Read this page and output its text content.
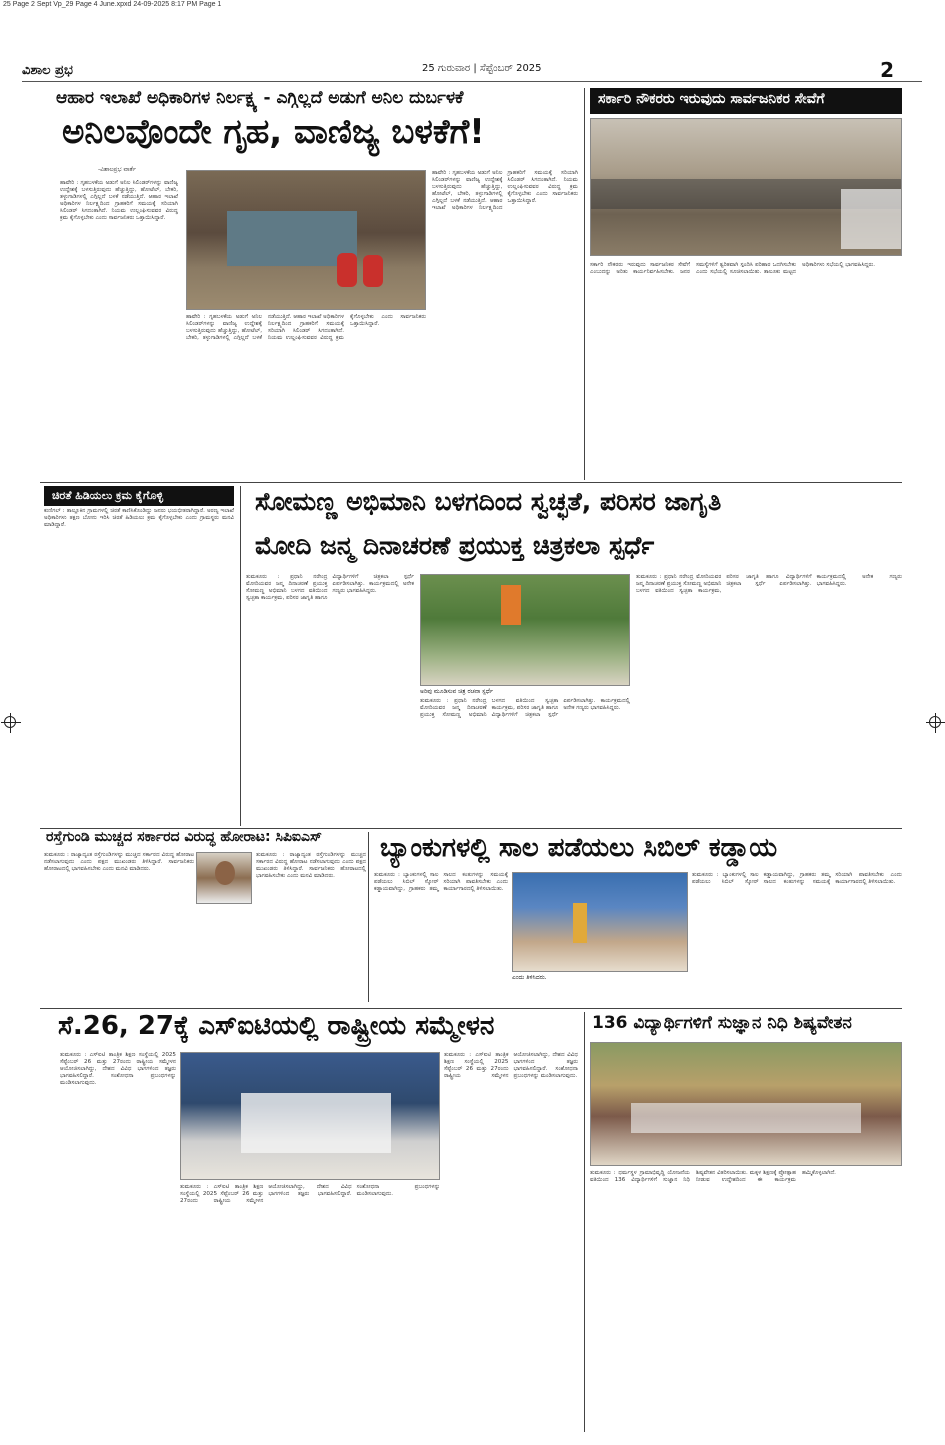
25 Page 2 Sept Vp_29 Page 4 June.xpxd 24-09-2025 8:17 PM Page 1
ವಿಶಾಲ ಪ್ರಭ	25 ಗುರುವಾರ | ಸೆಪ್ಟೆಂಬರ್ 2025	2
ಆಹಾರ ಇಲಾಖೆ ಅಧಿಕಾರಿಗಳ ನಿರ್ಲಕ್ಷ್ಯ - ಎಗ್ಗಿಲ್ಲದೆ ಅಡುಗೆ ಅನಿಲ ದುರ್ಬಳಕೆ
ಅನಿಲವೊಂದೇ ಗೃಹ, ವಾಣಿಜ್ಯ ಬಳಕೆಗೆ!
-ವಿಶಾಲಪ್ರಭ ವಾರ್ತೆ
ಹಾವೇರಿ : ಗೃಹಬಳಕೆಯ ಅಡುಗೆ ಅನಿಲ ಸಿಲಿಂಡರ್‌ಗಳನ್ನು ವಾಣಿಜ್ಯ ಉದ್ದೇಶಕ್ಕೆ ಬಳಸುತ್ತಿರುವುದು ಹೆಚ್ಚುತ್ತಿದ್ದು, ಹೋಟೆಲ್, ಬೇಕರಿ, ತಳ್ಳುಗಾಡಿಗಳಲ್ಲಿ ಎಗ್ಗಿಲ್ಲದೆ ಬಳಕೆ ನಡೆಯುತ್ತಿದೆ. ಆಹಾರ ಇಲಾಖೆ ಅಧಿಕಾರಿಗಳ ನಿರ್ಲಕ್ಷ್ಯದಿಂದ ಗ್ರಾಹಕರಿಗೆ ಸಮಯಕ್ಕೆ ಸರಿಯಾಗಿ ಸಿಲಿಂಡರ್ ಸಿಗದಂತಾಗಿದೆ. ನಿಯಮ ಉಲ್ಲಂಘಿಸುವವರ ವಿರುದ್ಧ ಕ್ರಮ ಕೈಗೊಳ್ಳಬೇಕು ಎಂದು ಸಾರ್ವಜನಿಕರು ಒತ್ತಾಯಿಸಿದ್ದಾರೆ.
ಹಾವೇರಿ : ಗೃಹಬಳಕೆಯ ಅಡುಗೆ ಅನಿಲ ಸಿಲಿಂಡರ್‌ಗಳನ್ನು ವಾಣಿಜ್ಯ ಉದ್ದೇಶಕ್ಕೆ ಬಳಸುತ್ತಿರುವುದು ಹೆಚ್ಚುತ್ತಿದ್ದು, ಹೋಟೆಲ್, ಬೇಕರಿ, ತಳ್ಳುಗಾಡಿಗಳಲ್ಲಿ ಎಗ್ಗಿಲ್ಲದೆ ಬಳಕೆ ನಡೆಯುತ್ತಿದೆ. ಆಹಾರ ಇಲಾಖೆ ಅಧಿಕಾರಿಗಳ ನಿರ್ಲಕ್ಷ್ಯದಿಂದ ಗ್ರಾಹಕರಿಗೆ ಸಮಯಕ್ಕೆ ಸರಿಯಾಗಿ ಸಿಲಿಂಡರ್ ಸಿಗದಂತಾಗಿದೆ. ನಿಯಮ ಉಲ್ಲಂಘಿಸುವವರ ವಿರುದ್ಧ ಕ್ರಮ ಕೈಗೊಳ್ಳಬೇಕು ಎಂದು ಸಾರ್ವಜನಿಕರು ಒತ್ತಾಯಿಸಿದ್ದಾರೆ.
ಹಾವೇರಿ : ಗೃಹಬಳಕೆಯ ಅಡುಗೆ ಅನಿಲ ಸಿಲಿಂಡರ್‌ಗಳನ್ನು ವಾಣಿಜ್ಯ ಉದ್ದೇಶಕ್ಕೆ ಬಳಸುತ್ತಿರುವುದು ಹೆಚ್ಚುತ್ತಿದ್ದು, ಹೋಟೆಲ್, ಬೇಕರಿ, ತಳ್ಳುಗಾಡಿಗಳಲ್ಲಿ ಎಗ್ಗಿಲ್ಲದೆ ಬಳಕೆ ನಡೆಯುತ್ತಿದೆ. ಆಹಾರ ಇಲಾಖೆ ಅಧಿಕಾರಿಗಳ ನಿರ್ಲಕ್ಷ್ಯದಿಂದ ಗ್ರಾಹಕರಿಗೆ ಸಮಯಕ್ಕೆ ಸರಿಯಾಗಿ ಸಿಲಿಂಡರ್ ಸಿಗದಂತಾಗಿದೆ. ನಿಯಮ ಉಲ್ಲಂಘಿಸುವವರ ವಿರುದ್ಧ ಕ್ರಮ ಕೈಗೊಳ್ಳಬೇಕು ಎಂದು ಸಾರ್ವಜನಿಕರು ಒತ್ತಾಯಿಸಿದ್ದಾರೆ.
ಸರ್ಕಾರಿ ನೌಕರರು ಇರುವುದು ಸಾರ್ವಜನಿಕರ ಸೇವೆಗೆ
ಸರ್ಕಾರಿ ನೌಕರರು ಇರುವುದು ಸಾರ್ವಜನಿಕರ ಸೇವೆಗೆ ಎಂಬುದನ್ನು ಅರಿತು ಕಾರ್ಯನಿರ್ವಹಿಸಬೇಕು. ಜನರ ಸಮಸ್ಯೆಗಳಿಗೆ ತ್ವರಿತವಾಗಿ ಸ್ಪಂದಿಸಿ ಪರಿಹಾರ ಒದಗಿಸಬೇಕು ಎಂದು ಸಭೆಯಲ್ಲಿ ಸೂಚಿಸಲಾಯಿತು. ತಾಲೂಕು ಮಟ್ಟದ ಅಧಿಕಾರಿಗಳು ಸಭೆಯಲ್ಲಿ ಭಾಗವಹಿಸಿದ್ದರು.
ಚಿರತೆ ಹಿಡಿಯಲು ಕ್ರಮ ಕೈಗೊಳ್ಳಿ
ಕುಣಿಗಲ್ : ತಾಲ್ಲೂಕಿನ ಗ್ರಾಮಗಳಲ್ಲಿ ಚಿರತೆ ಕಾಣಿಸಿಕೊಂಡಿದ್ದು ಜನರು ಭಯಭೀತರಾಗಿದ್ದಾರೆ. ಅರಣ್ಯ ಇಲಾಖೆ ಅಧಿಕಾರಿಗಳು ತಕ್ಷಣ ಬೋನು ಇರಿಸಿ ಚಿರತೆ ಹಿಡಿಯಲು ಕ್ರಮ ಕೈಗೊಳ್ಳಬೇಕು ಎಂದು ಗ್ರಾಮಸ್ಥರು ಮನವಿ ಮಾಡಿದ್ದಾರೆ.
ಸೋಮಣ್ಣ ಅಭಿಮಾನಿ ಬಳಗದಿಂದ ಸ್ವಚ್ಛತೆ, ಪರಿಸರ ಜಾಗೃತಿ
ಮೋದಿ ಜನ್ಮ ದಿನಾಚರಣೆ ಪ್ರಯುಕ್ತ ಚಿತ್ರಕಲಾ ಸ್ಪರ್ಧೆ
ತುಮಕೂರು : ಪ್ರಧಾನಿ ನರೇಂದ್ರ ಮೋದಿಯವರ ಜನ್ಮ ದಿನಾಚರಣೆ ಪ್ರಯುಕ್ತ ಸೋಮಣ್ಣ ಅಭಿಮಾನಿ ಬಳಗದ ವತಿಯಿಂದ ಸ್ವಚ್ಛತಾ ಕಾರ್ಯಕ್ರಮ, ಪರಿಸರ ಜಾಗೃತಿ ಹಾಗೂ ವಿದ್ಯಾರ್ಥಿಗಳಿಗೆ ಚಿತ್ರಕಲಾ ಸ್ಪರ್ಧೆ ಏರ್ಪಡಿಸಲಾಗಿತ್ತು. ಕಾರ್ಯಕ್ರಮದಲ್ಲಿ ಅನೇಕ ಗಣ್ಯರು ಭಾಗವಹಿಸಿದ್ದರು.
ಅರಿವು ಮೂಡಿಸುವ ಚಿತ್ರ ರಚನಾ ಸ್ಪರ್ಧೆ
ತುಮಕೂರು : ಪ್ರಧಾನಿ ನರೇಂದ್ರ ಮೋದಿಯವರ ಜನ್ಮ ದಿನಾಚರಣೆ ಪ್ರಯುಕ್ತ ಸೋಮಣ್ಣ ಅಭಿಮಾನಿ ಬಳಗದ ವತಿಯಿಂದ ಸ್ವಚ್ಛತಾ ಕಾರ್ಯಕ್ರಮ, ಪರಿಸರ ಜಾಗೃತಿ ಹಾಗೂ ವಿದ್ಯಾರ್ಥಿಗಳಿಗೆ ಚಿತ್ರಕಲಾ ಸ್ಪರ್ಧೆ ಏರ್ಪಡಿಸಲಾಗಿತ್ತು. ಕಾರ್ಯಕ್ರಮದಲ್ಲಿ ಅನೇಕ ಗಣ್ಯರು ಭಾಗವಹಿಸಿದ್ದರು.
ತುಮಕೂರು : ಪ್ರಧಾನಿ ನರೇಂದ್ರ ಮೋದಿಯವರ ಜನ್ಮ ದಿನಾಚರಣೆ ಪ್ರಯುಕ್ತ ಸೋಮಣ್ಣ ಅಭಿಮಾನಿ ಬಳಗದ ವತಿಯಿಂದ ಸ್ವಚ್ಛತಾ ಕಾರ್ಯಕ್ರಮ, ಪರಿಸರ ಜಾಗೃತಿ ಹಾಗೂ ವಿದ್ಯಾರ್ಥಿಗಳಿಗೆ ಚಿತ್ರಕಲಾ ಸ್ಪರ್ಧೆ ಏರ್ಪಡಿಸಲಾಗಿತ್ತು. ಕಾರ್ಯಕ್ರಮದಲ್ಲಿ ಅನೇಕ ಗಣ್ಯರು ಭಾಗವಹಿಸಿದ್ದರು.
ರಸ್ತೆಗುಂಡಿ ಮುಚ್ಚದ ಸರ್ಕಾರದ ವಿರುದ್ಧ ಹೋರಾಟ: ಸಿಪಿಐಎಸ್
ತುಮಕೂರು : ರಾಜ್ಯಾದ್ಯಂತ ರಸ್ತೆಗುಂಡಿಗಳನ್ನು ಮುಚ್ಚದ ಸರ್ಕಾರದ ವಿರುದ್ಧ ಹೋರಾಟ ನಡೆಸಲಾಗುವುದು ಎಂದು ಪಕ್ಷದ ಮುಖಂಡರು ತಿಳಿಸಿದ್ದಾರೆ. ಸಾರ್ವಜನಿಕರು ಹೋರಾಟದಲ್ಲಿ ಭಾಗವಹಿಸಬೇಕು ಎಂದು ಮನವಿ ಮಾಡಿದರು.
ತುಮಕೂರು : ರಾಜ್ಯಾದ್ಯಂತ ರಸ್ತೆಗುಂಡಿಗಳನ್ನು ಮುಚ್ಚದ ಸರ್ಕಾರದ ವಿರುದ್ಧ ಹೋರಾಟ ನಡೆಸಲಾಗುವುದು ಎಂದು ಪಕ್ಷದ ಮುಖಂಡರು ತಿಳಿಸಿದ್ದಾರೆ. ಸಾರ್ವಜನಿಕರು ಹೋರಾಟದಲ್ಲಿ ಭಾಗವಹಿಸಬೇಕು ಎಂದು ಮನವಿ ಮಾಡಿದರು.
ಬ್ಯಾಂಕುಗಳಲ್ಲಿ ಸಾಲ ಪಡೆಯಲು ಸಿಬಿಲ್ ಕಡ್ಡಾಯ
ತುಮಕೂರು : ಬ್ಯಾಂಕುಗಳಲ್ಲಿ ಸಾಲ ಪಡೆಯಲು ಸಿಬಿಲ್ ಸ್ಕೋರ್ ಕಡ್ಡಾಯವಾಗಿದ್ದು, ಗ್ರಾಹಕರು ತಮ್ಮ ಸಾಲದ ಕಂತುಗಳನ್ನು ಸಮಯಕ್ಕೆ ಸರಿಯಾಗಿ ಪಾವತಿಸಬೇಕು ಎಂದು ಕಾರ್ಯಾಗಾರದಲ್ಲಿ ತಿಳಿಸಲಾಯಿತು.
ಎಂದು ತಿಳಿಸಿದರು.
ತುಮಕೂರು : ಬ್ಯಾಂಕುಗಳಲ್ಲಿ ಸಾಲ ಪಡೆಯಲು ಸಿಬಿಲ್ ಸ್ಕೋರ್ ಕಡ್ಡಾಯವಾಗಿದ್ದು, ಗ್ರಾಹಕರು ತಮ್ಮ ಸಾಲದ ಕಂತುಗಳನ್ನು ಸಮಯಕ್ಕೆ ಸರಿಯಾಗಿ ಪಾವತಿಸಬೇಕು ಎಂದು ಕಾರ್ಯಾಗಾರದಲ್ಲಿ ತಿಳಿಸಲಾಯಿತು.
ಸೆ.26, 27ಕ್ಕೆ ಎಸ್‌ಐಟಿಯಲ್ಲಿ ರಾಷ್ಟ್ರೀಯ ಸಮ್ಮೇಳನ
ತುಮಕೂರು : ಎಸ್‌ಐಟಿ ತಾಂತ್ರಿಕ ಶಿಕ್ಷಣ ಸಂಸ್ಥೆಯಲ್ಲಿ 2025 ಸೆಪ್ಟೆಂಬರ್ 26 ಮತ್ತು 27ರಂದು ರಾಷ್ಟ್ರೀಯ ಸಮ್ಮೇಳನ ಆಯೋಜಿಸಲಾಗಿದ್ದು, ದೇಶದ ವಿವಿಧ ಭಾಗಗಳಿಂದ ತಜ್ಞರು ಭಾಗವಹಿಸಲಿದ್ದಾರೆ. ಸಂಶೋಧನಾ ಪ್ರಬಂಧಗಳನ್ನು ಮಂಡಿಸಲಾಗುವುದು.
ತುಮಕೂರು : ಎಸ್‌ಐಟಿ ತಾಂತ್ರಿಕ ಶಿಕ್ಷಣ ಸಂಸ್ಥೆಯಲ್ಲಿ 2025 ಸೆಪ್ಟೆಂಬರ್ 26 ಮತ್ತು 27ರಂದು ರಾಷ್ಟ್ರೀಯ ಸಮ್ಮೇಳನ ಆಯೋಜಿಸಲಾಗಿದ್ದು, ದೇಶದ ವಿವಿಧ ಭಾಗಗಳಿಂದ ತಜ್ಞರು ಭಾಗವಹಿಸಲಿದ್ದಾರೆ. ಸಂಶೋಧನಾ ಪ್ರಬಂಧಗಳನ್ನು ಮಂಡಿಸಲಾಗುವುದು.
ತುಮಕೂರು : ಎಸ್‌ಐಟಿ ತಾಂತ್ರಿಕ ಶಿಕ್ಷಣ ಸಂಸ್ಥೆಯಲ್ಲಿ 2025 ಸೆಪ್ಟೆಂಬರ್ 26 ಮತ್ತು 27ರಂದು ರಾಷ್ಟ್ರೀಯ ಸಮ್ಮೇಳನ ಆಯೋಜಿಸಲಾಗಿದ್ದು, ದೇಶದ ವಿವಿಧ ಭಾಗಗಳಿಂದ ತಜ್ಞರು ಭಾಗವಹಿಸಲಿದ್ದಾರೆ. ಸಂಶೋಧನಾ ಪ್ರಬಂಧಗಳನ್ನು ಮಂಡಿಸಲಾಗುವುದು.
136 ವಿದ್ಯಾರ್ಥಿಗಳಿಗೆ ಸುಜ್ಞಾನ ನಿಧಿ ಶಿಷ್ಯವೇತನ
ತುಮಕೂರು : ಧರ್ಮಸ್ಥಳ ಗ್ರಾಮಾಭಿವೃದ್ಧಿ ಯೋಜನೆಯ ವತಿಯಿಂದ 136 ವಿದ್ಯಾರ್ಥಿಗಳಿಗೆ ಸುಜ್ಞಾನ ನಿಧಿ ಶಿಷ್ಯವೇತನ ವಿತರಿಸಲಾಯಿತು. ಮಕ್ಕಳ ಶಿಕ್ಷಣಕ್ಕೆ ಪ್ರೋತ್ಸಾಹ ನೀಡುವ ಉದ್ದೇಶದಿಂದ ಈ ಕಾರ್ಯಕ್ರಮ ಹಮ್ಮಿಕೊಳ್ಳಲಾಗಿದೆ.
